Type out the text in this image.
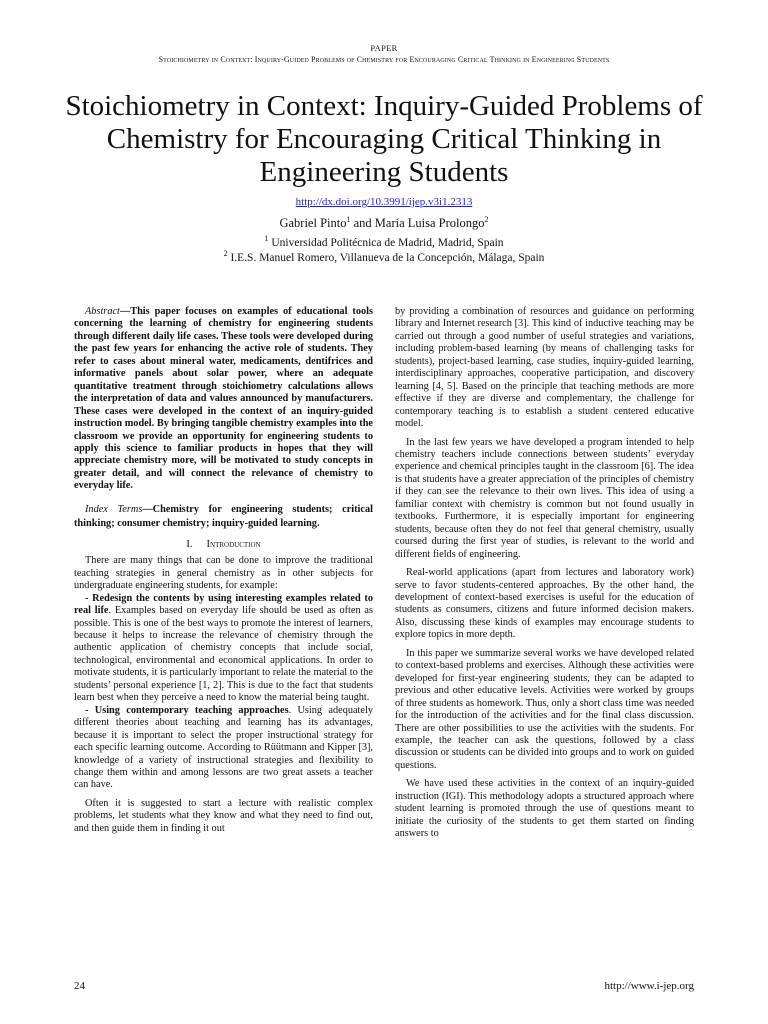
PAPER
Stoichiometry in Context: Inquiry-Guided Problems of Chemistry for Encouraging Critical Thinking in Engineering Students
Stoichiometry in Context: Inquiry-Guided Problems of Chemistry for Encouraging Critical Thinking in Engineering Students
http://dx.doi.org/10.3991/ijep.v3i1.2313
Gabriel Pinto$^1$ and María Luisa Prolongo$^2$
$^1$ Universidad Politécnica de Madrid, Madrid, Spain
$^2$ I.E.S. Manuel Romero, Villanueva de la Concepción, Málaga, Spain

Abstract—This paper focuses on examples of educational tools concerning the learning of chemistry for engineering students through different daily life cases. These tools were developed during the past few years for enhancing the active role of students. They refer to cases about mineral water, medicaments, dentifrices and informative panels about solar power, where an adequate quantitative treatment through stoichiometry calculations allows the interpretation of data and values announced by manufacturers. These cases were developed in the context of an inquiry-guided instruction model. By bringing tangible chemistry examples into the classroom we provide an opportunity for engineering students to apply this science to familiar products in hopes that they will appreciate chemistry more, will be motivated to study concepts in greater detail, and will connect the relevance of chemistry to everyday life.

Index Terms—Chemistry for engineering students; critical thinking; consumer chemistry; inquiry-guided learning.

I. Introduction

There are many things that can be done to improve the traditional teaching strategies in general chemistry as in other subjects for undergraduate engineering students, for example:

- Redesign the contents by using interesting examples related to real life. Examples based on everyday life should be used as often as possible. This is one of the best ways to promote the interest of learners, because it helps to increase the relevance of chemistry through the authentic application of chemistry concepts that include social, technological, environmental and economical applications. In order to motivate students, it is particularly important to relate the material to the students’ personal experience [1, 2]. This is due to the fact that students learn best when they perceive a need to know the material being taught.

- Using contemporary teaching approaches. Using adequately different theories about teaching and learning has its advantages, because it is important to select the proper instructional strategy for each specific learning outcome. According to Rüütmann and Kipper [3], knowledge of a variety of instructional strategies and flexibility to change them within and among lessons are two great assets a teacher can have.

Often it is suggested to start a lecture with realistic complex problems, let students what they know and what they need to find out, and then guide them in finding it out

by providing a combination of resources and guidance on performing library and Internet research [3]. This kind of inductive teaching may be carried out through a good number of useful strategies and variations, including problem-based learning (by means of challenging tasks for students), project-based learning, case studies, inquiry-guided learning, interdisciplinary approaches, cooperative participation, and discovery learning [4, 5]. Based on the principle that teaching methods are more effective if they are diverse and complementary, the challenge for contemporary teaching is to establish a student centered educative model.

In the last few years we have developed a program intended to help chemistry teachers include connections between students’ everyday experience and chemical principles taught in the classroom [6]. The idea is that students have a greater appreciation of the principles of chemistry if they can see the relevance to their own lives. This idea of using a familiar context with chemistry is common but not found usually in textbooks. Furthermore, it is especially important for engineering students, because often they do not feel that general chemistry, usually coursed during the first year of studies, is relevant to the world and different fields of engineering.

Real-world applications (apart from lectures and laboratory work) serve to favor students-centered approaches. By the other hand, the development of context-based exercises is useful for the education of students as consumers, citizens and future informed decision makers. Also, discussing these kinds of examples may encourage students to explore topics in more depth.

In this paper we summarize several works we have developed related to context-based problems and exercises. Although these activities were developed for first-year engineering students, they can be adapted to previous and other educative levels. Activities were worked by groups of three students as homework. Thus, only a short class time was needed for the introduction of the activities and for the final class discussion. There are other possibilities to use the activities with the students. For example, the teacher can ask the questions, followed by a class discussion or students can be divided into groups and to work on guided questions.

We have used these activities in the context of an inquiry-guided instruction (IGI). This methodology adopts a structured approach where student learning is promoted through the use of questions meant to initiate the curiosity of the students to get them started on finding answers to

24	http://www.i-jep.org
